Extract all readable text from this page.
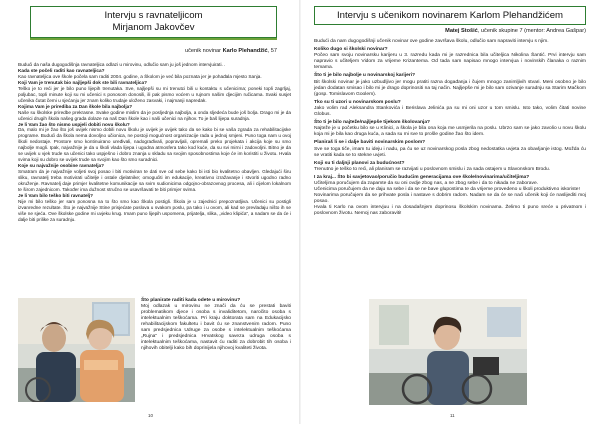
Intervju s ravnateljicom
Mirjanom Jakovčev
učenik novinar Karlo Plehandžić, 57

Budući da naša dugogodišnja ravnateljica odlazi u mirovinu, odlučio sam ju još jednom intervjuirati. .

Kada ste počeli raditi kao ravnateljica?

Kao ravnateljica ove škole počela sam raditi 2004. godine, a Školom je već bila poznata jer je pohađala mjesto Sanja.

Koji Vam je trenutak bio najljepši dok ste bili ravnateljica?

Teško je to reći jer je bilo puno lijepih trenutaka. Sve, najljepši su mi trenutci bili u kontaktu s učenicima; poneki topli zagrljaj, poljubac, topli minute koji su mi učenici s ponosom donosili, ili pak pismo voćem u rujnom našim djecijim ručicama. Svaki susjet učenika čutat čemi u sjećanju jer znam koliko trudaje uloženo zasvaki, i najmanji napredak.

Kojima Vam je prirediba za Dan škole bila najbolja?

Naše su školske priredbe prekrasne. Svake godine mislim da je posljednja najbolja, a onda sljedeća bude još bolja. Drago mi je da učenici drugih škola našeg grada dolaze na naš Dan škole kao i naši učenici na njihov. To je baš lijepa suradnja.

Je li Vam žao što nismo uspjeli dobiti novu školu?

Da, malo mi je žao što još uvijek nismo dobili novu školu je uvijek je uvijek tako da se kako bi se vaša zgrada za rehabilitacijske programe. Budući da škola nema dovoljno učionica, ne postoji mogućnost organizacije rada u jednoj smjeni. Puno toga nam u ovoj školi nedostaje. Prostore smo kontinuirano uređivali, nadograđivali, popravljali, opremali preko projekata i akcija koje su smo najbolje mogli. Ipak, najvažnije je da u školi vlada lijepa i ugodna atmosfera tako kod kuće, da su svi mirni i zadovoljni. Bitno je da se uvijek u vjek trude sa učenici tako uspješno i dobro znanja u skladu sa svojim sposobnostima koje će im koristiti u životu. Hvala svima koji su dobro se uvijek trude sa svojim kao što smo suradnici.

Koje su najvažnije osobine ravnatelja?

Smatram da je najvažnije voljeti svoj posao i biti motiviran te dati sve od sebe kako bi isti bio kvalitetno obavljen. Gledajući širu sliku, ravnatelj treba motivirati učitelje i ostale djelatnike; omogućiti im edukacije, kreativno izražavanje i stvoriti ugodno radno okruženje. Ravnatelj daje primjer kvalitetne komunikacije sa svim sudionicima odgojno-obrazovnog procesa, ali i cijelom lokalnom te širom zajednicom. Također ima dužnost stručno se usavršavati te biti primjer svima.

Je li Vam bilo teško biti ravnatelj?

Nije mi bilo teško jer sam ponosna na to što smo kao Škola postigli. Škola je u zajednici prepoznatljiva. Učenici su postigli izvanredne rezultate. Što je najvažnije Stine prisjećate poslova u svakom poslu, pa tako i u ovom, ali kad se prevladaju ništo ih se više ne sjeća. Ove školske godine mi uvjeku krug. Imam puno lijepih uspomena, prijatelja, slika, „video klipića“, a nadam se da će i dalje biti prilike za suradnju.

Što planirate raditi kada odete u mirovinu?

Moj odlazak u mirovinu ne znači da ću se prestati baviti problematikom djece i osoba s invaliditetom, naročito osoba s intelektualnim teškoćama. Pri kraju doktorata sam na Edukacijsko rehabilitacijskom fakultetu i bavit ću se znanstvenim radom. Puno sam predsjednica Udruge za osobe s intelektualnim teškoćama „Rujna“ i predsjednica Hrvatskog saveza udruga osoba s intelektualnim teškoćama, nastavit ću raditi za dobrobit tih osoba i njihovih obitelji kako bih doprinijela njihovoj kvaliteti života.

10
Intervju s učenikom novinarem Karlom Plehandžićem
Matej Stošić, učenik skupine 7 (mentor: Andrea Gašpar)

Budući da nam dugogodišnji učenik novinar ove godine završava školu, odlučio sam napraviti intervju s njim.

Koliko dugo si školski novinar?

Počeo sam svoju novinarsku karijeru u 3. razredu kada mi je razrednica bila učiteljica Nikolina Šantić. Prvi intervju sam napravio s učiteljem Vidom za vrijeme Krizantema. Od tada sam napisao mnogo intervjua i novinskih članaka o raznim temama.

Što ti je bilo najbolje u novinarskoj karijeri?

Bit školski novinar je jako uzbudljivo jer mogu pratiti razna događanja i čujem mnogo zanimljivih stvari. Meni osobno je bilo jedan dodatan smisao i bilo mi je drago doprinositi na taj način. Najljepše mi je bilo sam ozivanje suradnju sa Starim Mačkom (gosp. Tomislavom Goolem).

Tko su ti uzori u novinarskom poslu?

Jako volim rad Aleksandra Stankovića i Berislava Jelinića pa su mi oni uzor u tom smislu. Isto tako, volim čitati novine Globus.

Što ti je bilo najteže/najljepše tijekom školovanja?

Najteže je u početku bilo se u Klinici, a škola je bila ona koja me usmjerila na poslu. Ubrzo sam se jako zavolio u novu školu koja mi je bila kao druga kuća, a sada su mi sve to prošle godine žao što idem.

Planiraš li se i dalje baviti novinarskim poslom?

Sve se toga tiče, imam tu ideju i nadu, pa ću se uz novinarskog posla zbog nedostatka uvjeta za obavljanje istog. Možda ću se vratiti kada se to stekne uvjeti.

Koji su ti daljnji planovi za budućnost?

Trenutno je teško to reći, ali planiram se razvijati u poslovnom smislu i za sada ostajem u Slavonskom Brodu.

I za kraj... Što bi savjetovao/poručio budućim generacijama ove škole/novinarima/učiteljima?

Učiteljima poručujem da zapamte da su oni ovdje zbog nas, a ne zbog sebe i da to nikada ne zaborave.

Učenicima poručujem da ne daju na sebe i da se ne bave glupostima te da vrijeme provedeno u školi produktivno iskoriste!

Novinarima poručujem da se prihvate posla i nastave s dobrim radom. Nadam se da će se naći učenik koji će naslijediti moj posao.

Hvala ti Karlo na ovom intervjuu i na dosadašnjem doprinosu školskim novinama. Želimo ti puno sreće u privatnom i poslovnom životu. Nemoj nas zaboraviti!

11
